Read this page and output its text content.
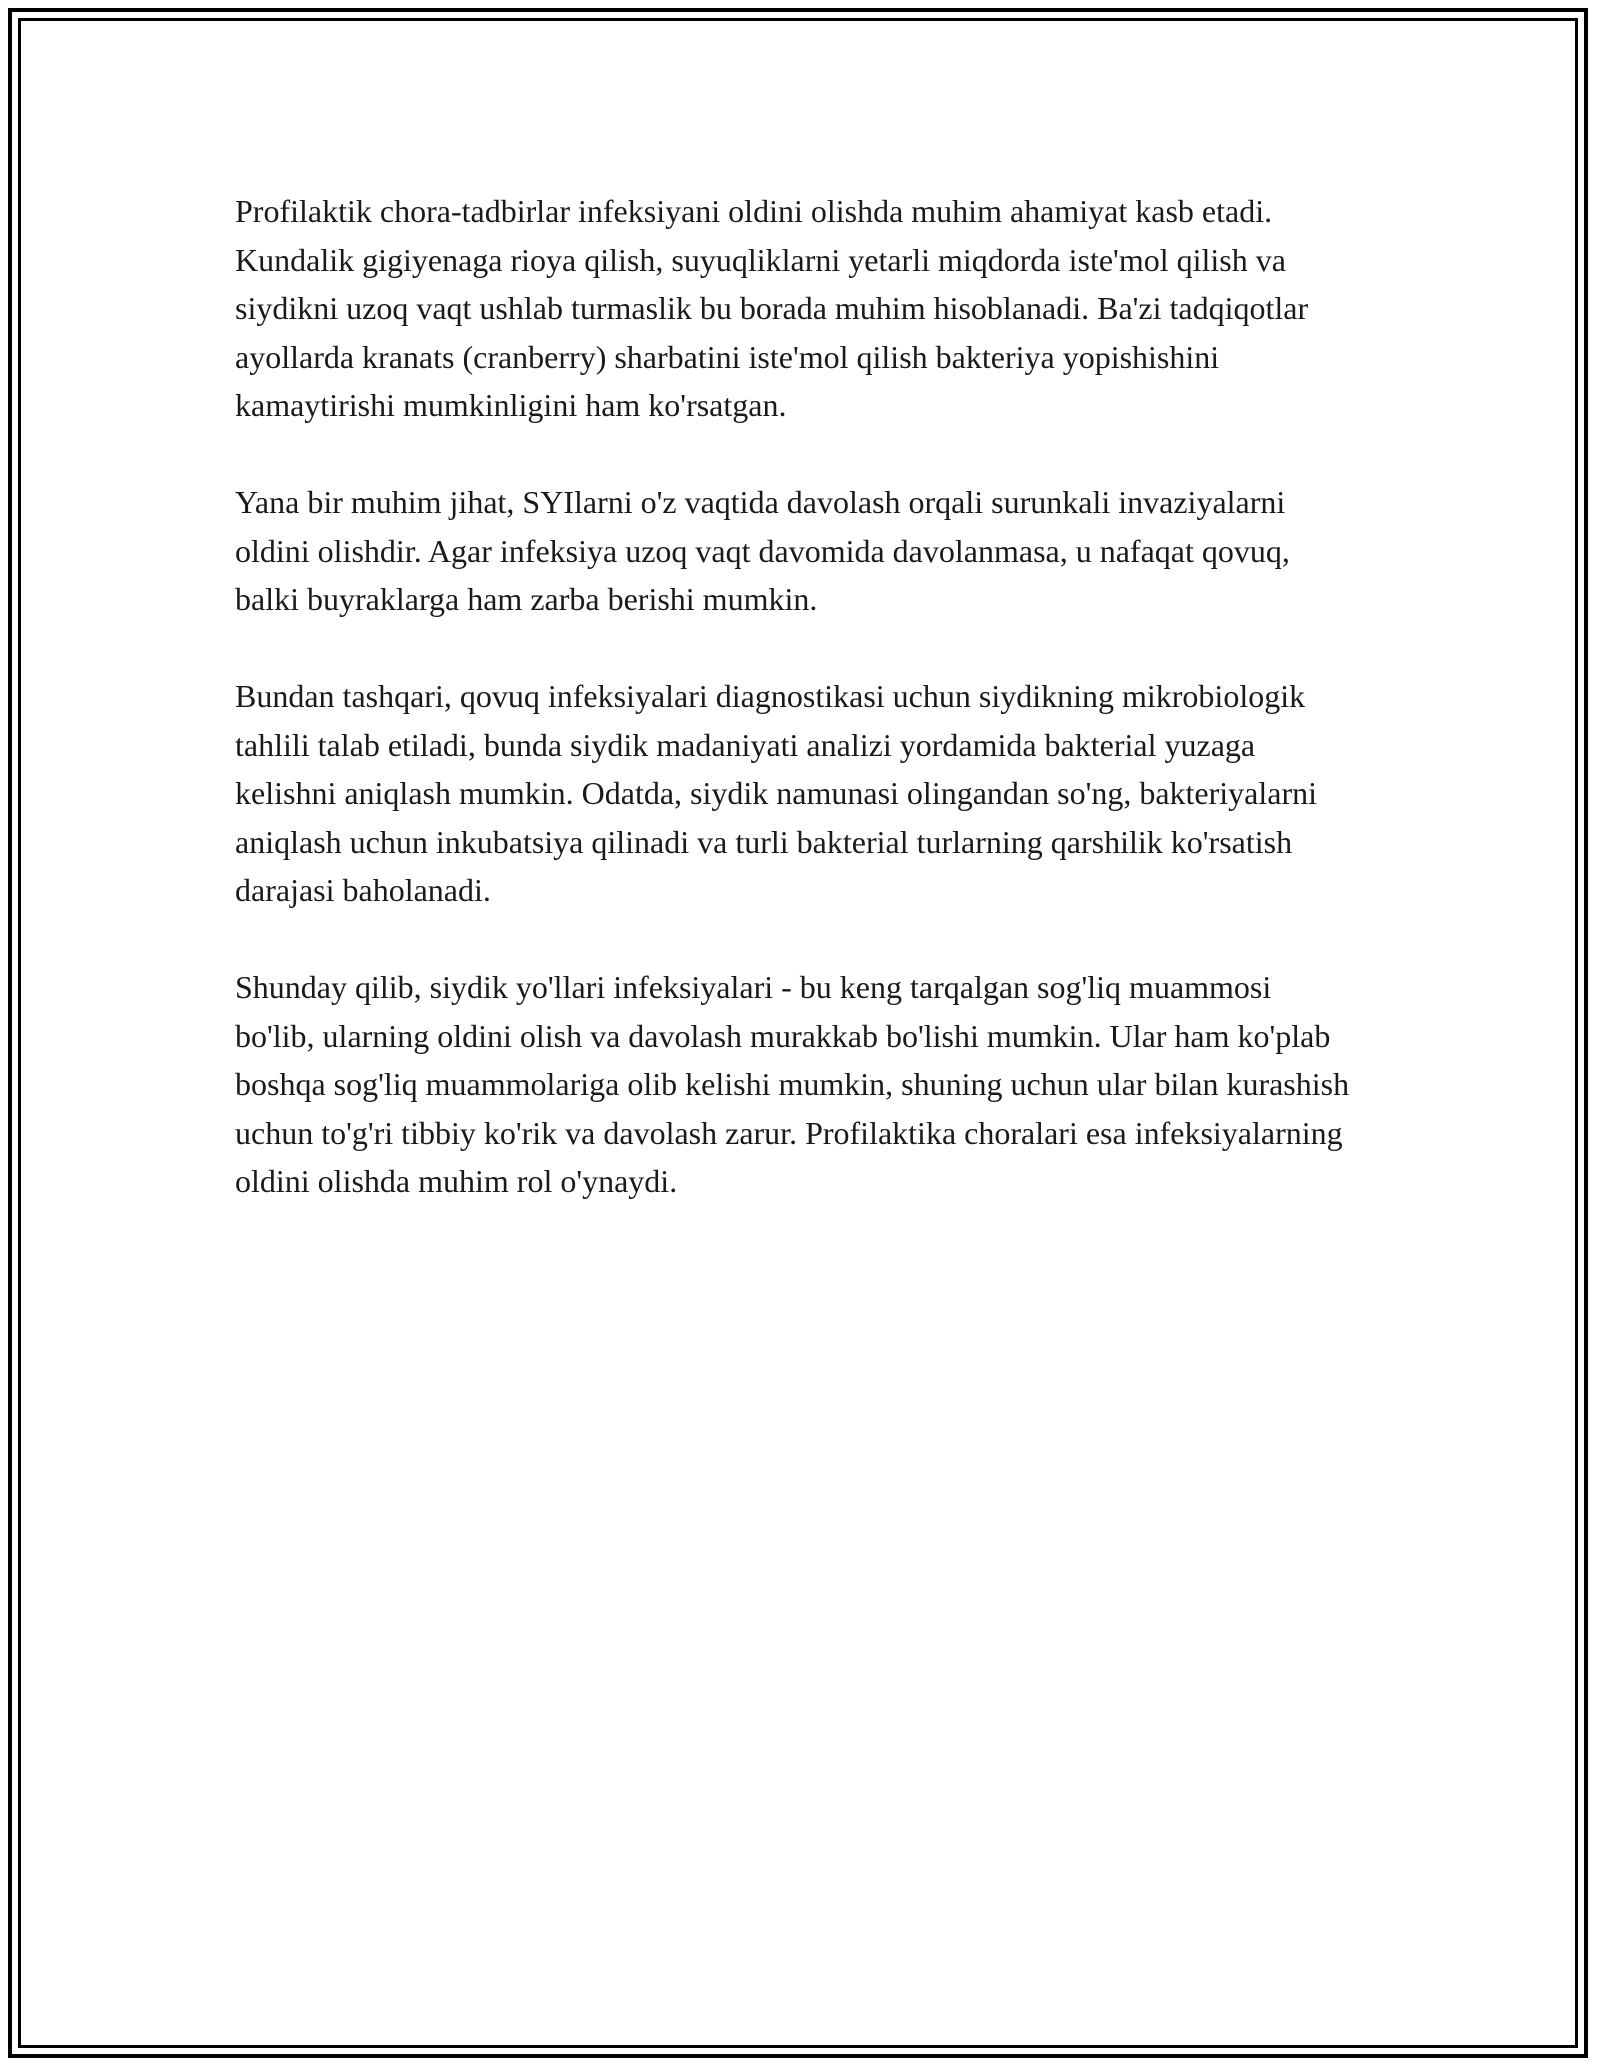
Profilaktik chora-tadbirlar infeksiyani oldini olishda muhim ahamiyat kasb etadi. Kundalik gigiyenaga rioya qilish, suyuqliklarni yetarli miqdorda iste'mol qilish va siydikni uzoq vaqt ushlab turmaslik bu borada muhim hisoblanadi. Ba'zi tadqiqotlar ayollarda kranats (cranberry) sharbatini iste'mol qilish bakteriya yopishishini kamaytirishi mumkinligini ham ko'rsatgan.

Yana bir muhim jihat, SYIlarni o'z vaqtida davolash orqali surunkali invaziyalarni oldini olishdir. Agar infeksiya uzoq vaqt davomida davolanmasa, u nafaqat qovuq, balki buyraklarga ham zarba berishi mumkin.

Bundan tashqari, qovuq infeksiyalari diagnostikasi uchun siydikning mikrobiologik tahlili talab etiladi, bunda siydik madaniyati analizi yordamida bakterial yuzaga kelishni aniqlash mumkin. Odatda, siydik namunasi olingandan so'ng, bakteriyalarni aniqlash uchun inkubatsiya qilinadi va turli bakterial turlarning qarshilik ko'rsatish darajasi baholanadi.

Shunday qilib, siydik yo'llari infeksiyalari - bu keng tarqalgan sog'liq muammosi bo'lib, ularning oldini olish va davolash murakkab bo'lishi mumkin. Ular ham ko'plab boshqa sog'liq muammolariga olib kelishi mumkin, shuning uchun ular bilan kurashish uchun to'g'ri tibbiy ko'rik va davolash zarur. Profilaktika choralari esa infeksiyalarning oldini olishda muhim rol o'ynaydi.
